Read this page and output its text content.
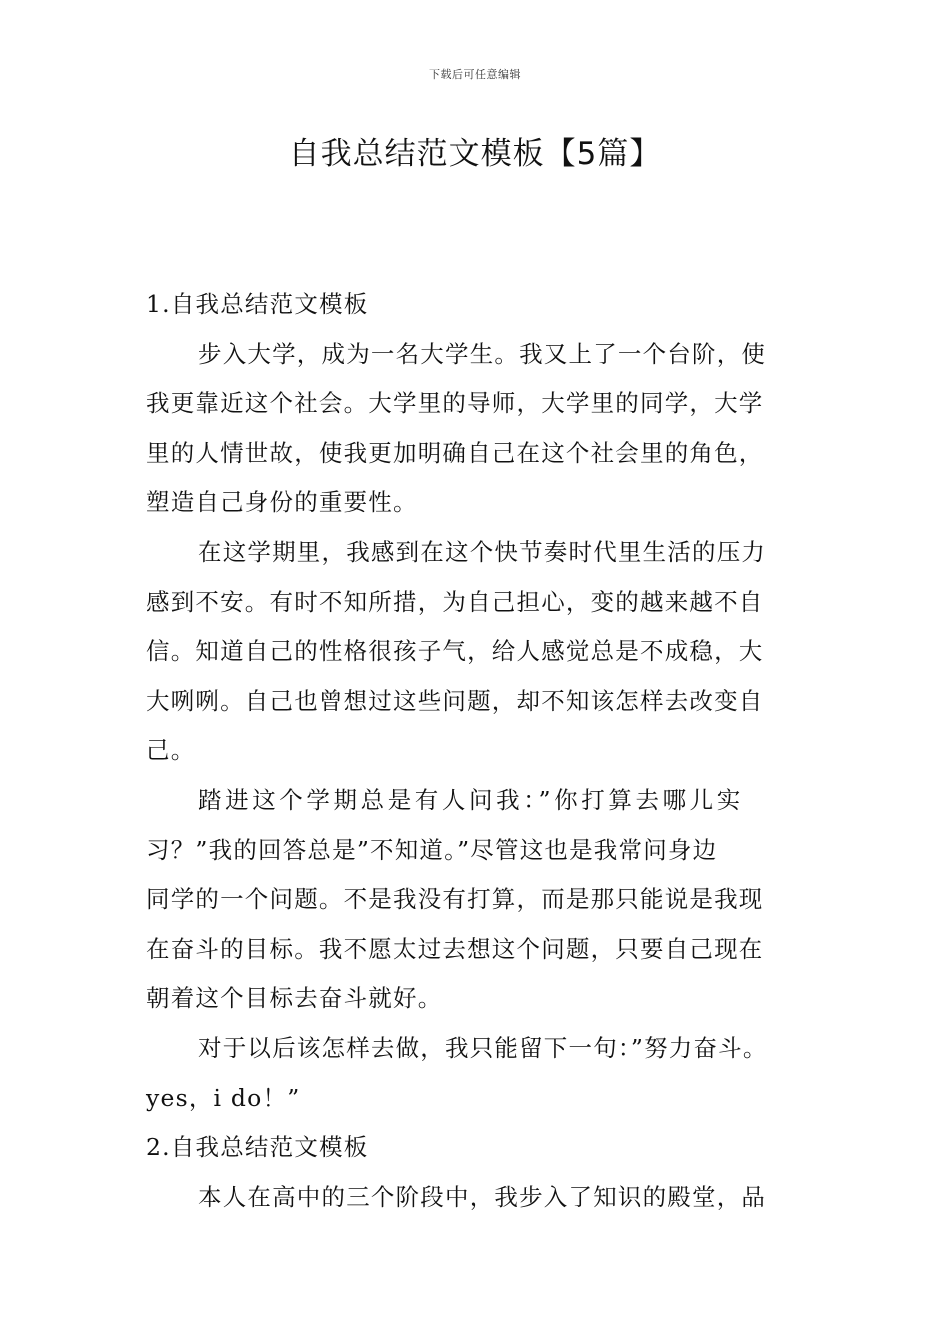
下载后可任意编辑
自我总结范文模板【5篇】
1.自我总结范文模板
步入大学，成为一名大学生。我又上了一个台阶，使
我更靠近这个社会。大学里的导师，大学里的同学，大学
里的人情世故，使我更加明确自己在这个社会里的角色，
塑造自己身份的重要性。
在这学期里，我感到在这个快节奏时代里生活的压力
感到不安。有时不知所措，为自己担心，变的越来越不自
信。知道自己的性格很孩子气，给人感觉总是不成稳，大
大咧咧。自己也曾想过这些问题，却不知该怎样去改变自
己。
踏进这个学期总是有人问我：”你打算去哪儿实
习？”我的回答总是”不知道。”尽管这也是我常问身边
同学的一个问题。不是我没有打算，而是那只能说是我现
在奋斗的目标。我不愿太过去想这个问题，只要自己现在
朝着这个目标去奋斗就好。
对于以后该怎样去做，我只能留下一句：”努力奋斗。
yes，i do！”
2.自我总结范文模板
本人在高中的三个阶段中，我步入了知识的殿堂，品
